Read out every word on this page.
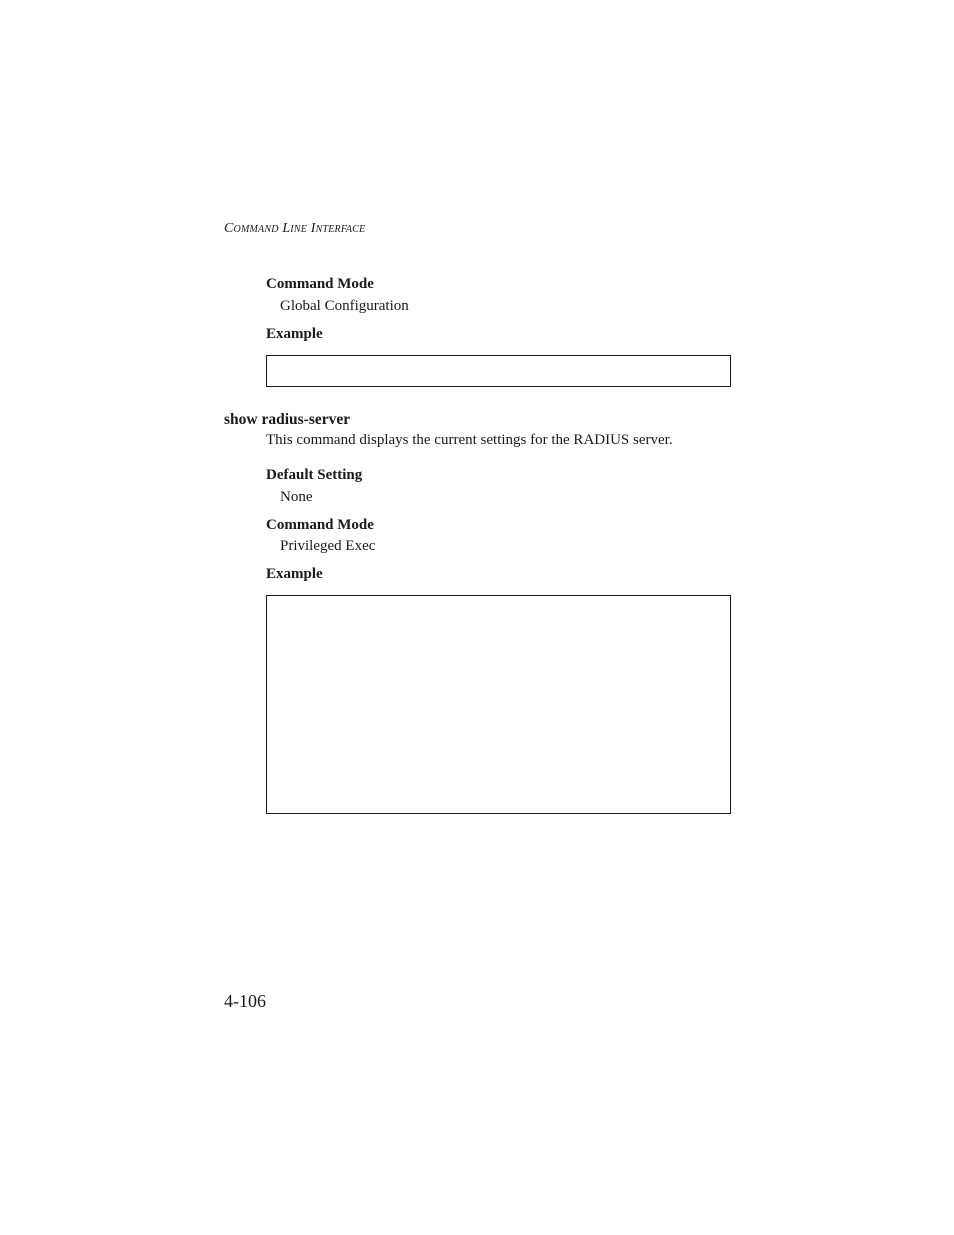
Command Line Interface
Command Mode
Global Configuration
Example
show radius-server
This command displays the current settings for the RADIUS server.
Default Setting
None
Command Mode
Privileged Exec
Example
4-106
